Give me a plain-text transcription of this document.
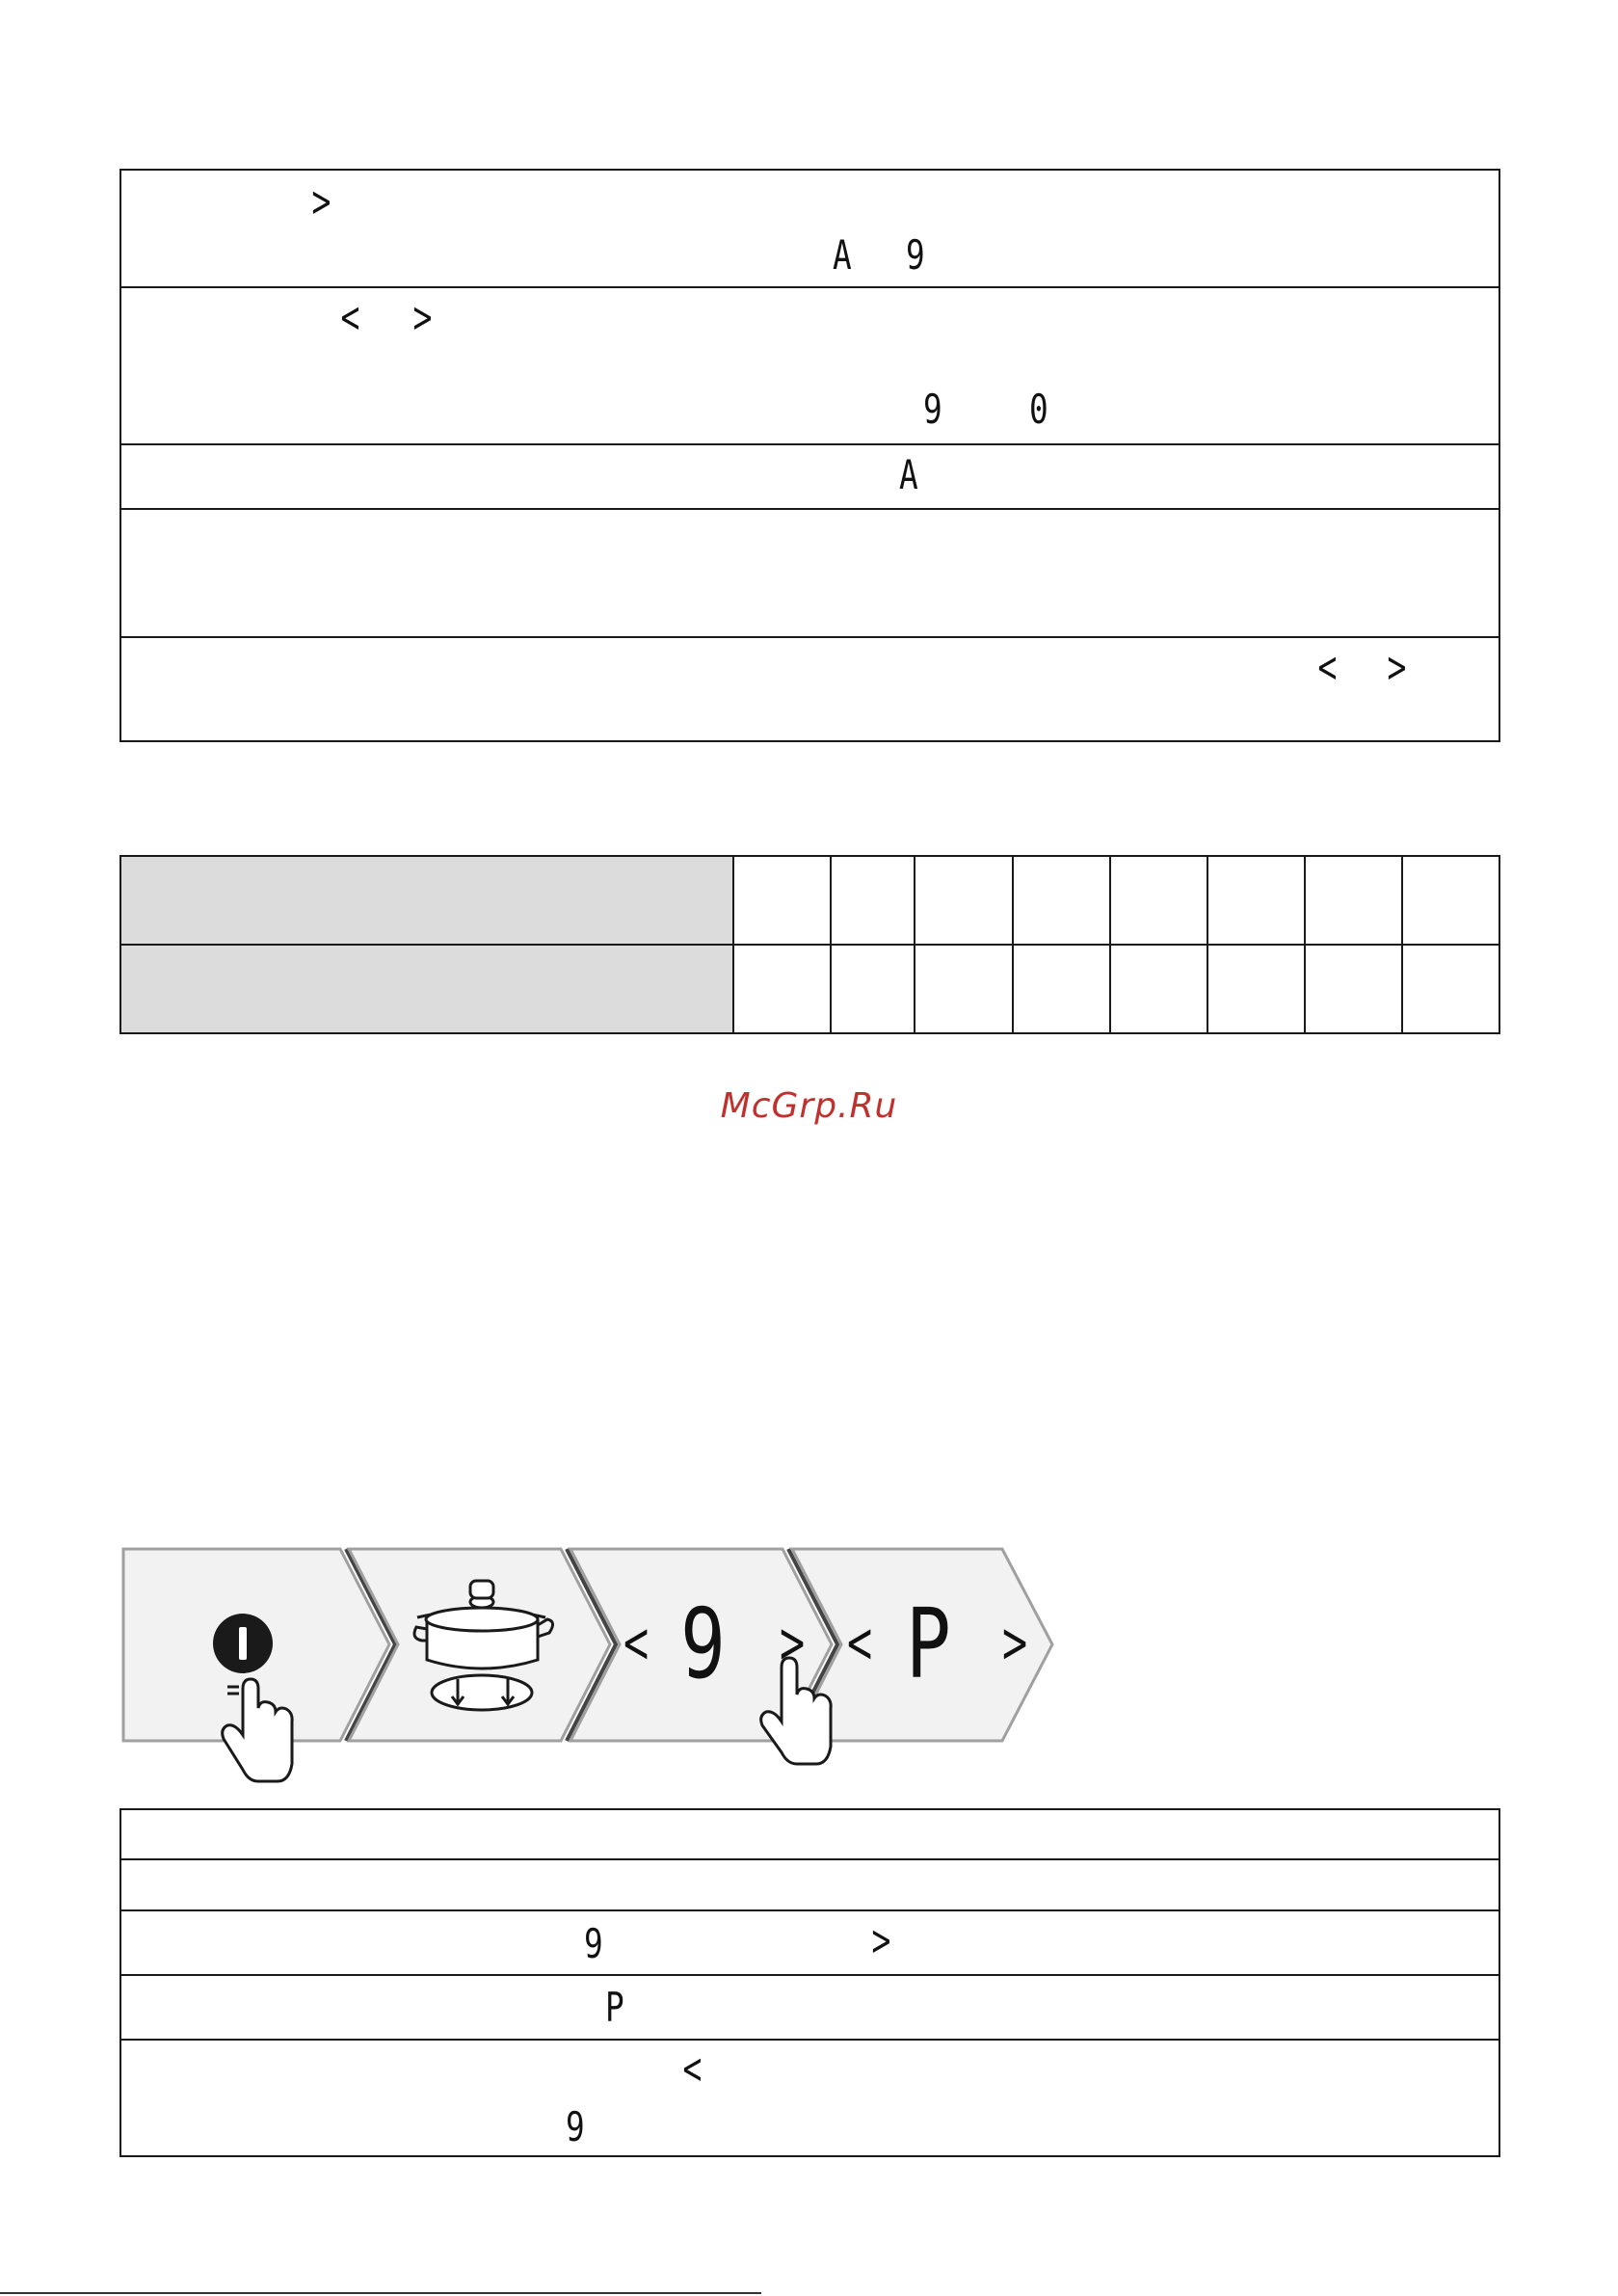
>
A 9
< >
9 0
A
< >
McGrp.Ru
< 9 > < P >
9	>
P
<
9
